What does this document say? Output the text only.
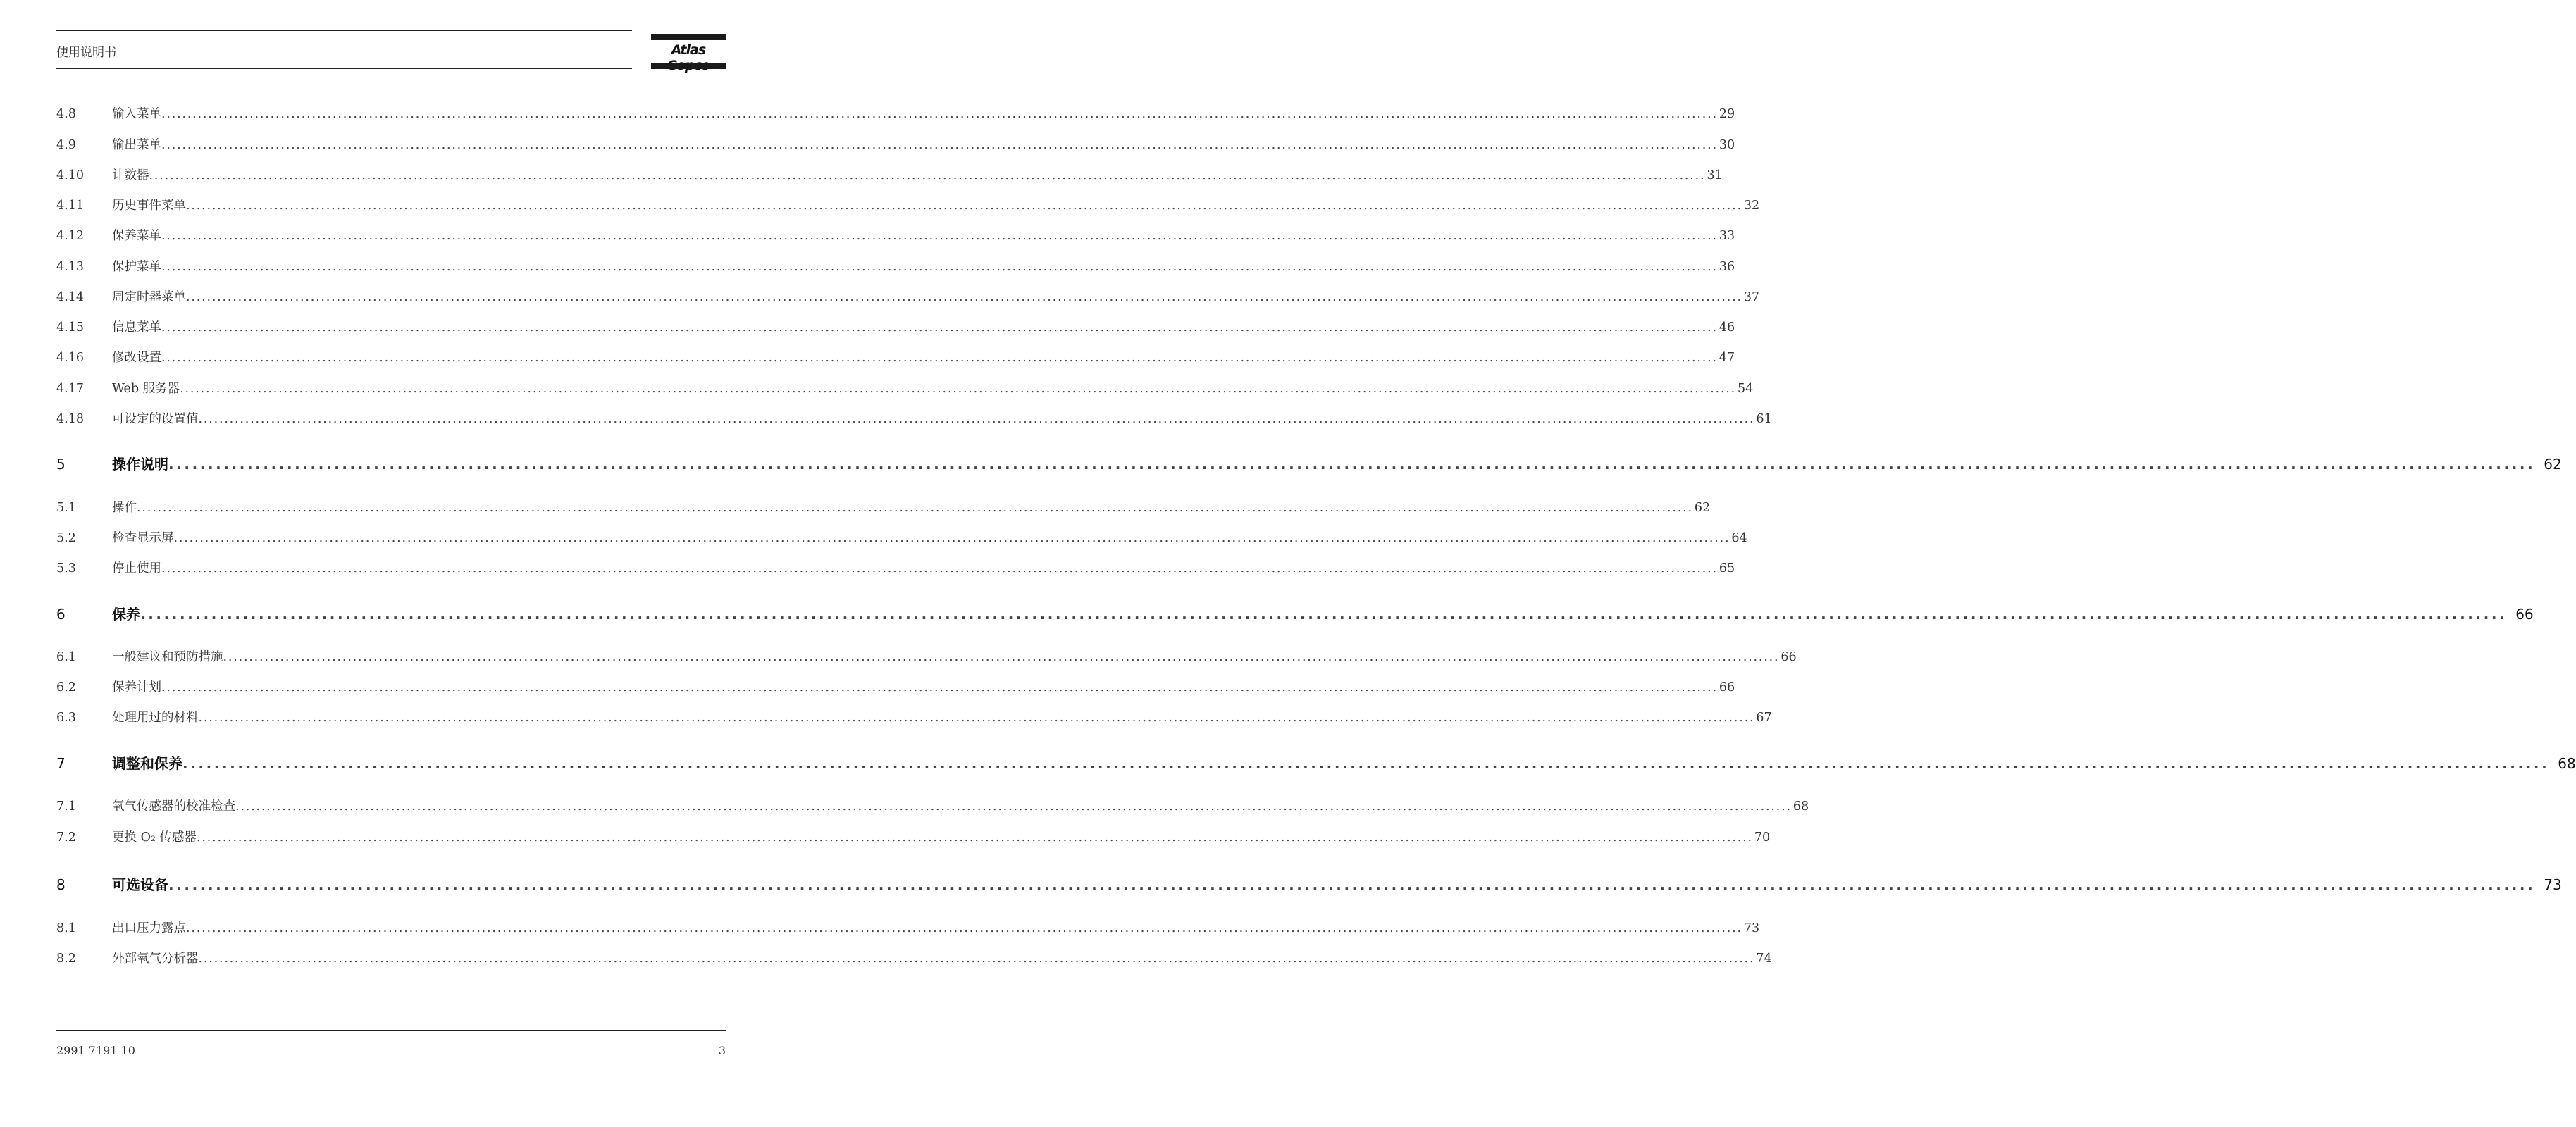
使用说明书	Atlas
4.8	输入菜单 ............................................................................................................................................................................................................................................................................................................ 29
4.9	输出菜单 ............................................................................................................................................................................................................................................................................................................ 30
4.10	计数器 ............................................................................................................................................................................................................................................................................................................ 31
4.11	历史事件菜单 ............................................................................................................................................................................................................................................................................................................ 32
4.12	保养菜单 ............................................................................................................................................................................................................................................................................................................ 33
4.13	保护菜单 ............................................................................................................................................................................................................................................................................................................ 36
4.14	周定时器菜单 ............................................................................................................................................................................................................................................................................................................ 37
4.15	信息菜单 ............................................................................................................................................................................................................................................................................................................ 46
4.16	修改设置 ............................................................................................................................................................................................................................................................................................................ 47
4.17	Web 服务器 ............................................................................................................................................................................................................................................................................................................ 54
4.18	可设定的设置值 ............................................................................................................................................................................................................................................................................................................ 61
5	操作说明 ............................................................................................................................................................................................................................................................................................................ 62
5.1	操作 ............................................................................................................................................................................................................................................................................................................ 62
5.2	检查显示屏 ............................................................................................................................................................................................................................................................................................................ 64
5.3	停止使用 ............................................................................................................................................................................................................................................................................................................ 65
6	保养 ............................................................................................................................................................................................................................................................................................................ 66
6.1	一般建议和预防措施 ............................................................................................................................................................................................................................................................................................................ 66
6.2	保养计划 ............................................................................................................................................................................................................................................................................................................ 66
6.3	处理用过的材料 ............................................................................................................................................................................................................................................................................................................ 67
7	调整和保养 ............................................................................................................................................................................................................................................................................................................ 68
7.1	氧气传感器的校准检查 ............................................................................................................................................................................................................................................................................................................ 68
7.2	更换 O₂ 传感器 ............................................................................................................................................................................................................................................................................................................ 70
8	可选设备 ............................................................................................................................................................................................................................................................................................................ 73
8.1	出口压力露点 ............................................................................................................................................................................................................................................................................................................ 73
8.2	外部氧气分析器 ............................................................................................................................................................................................................................................................................................................ 74
2991 7191 10	3
